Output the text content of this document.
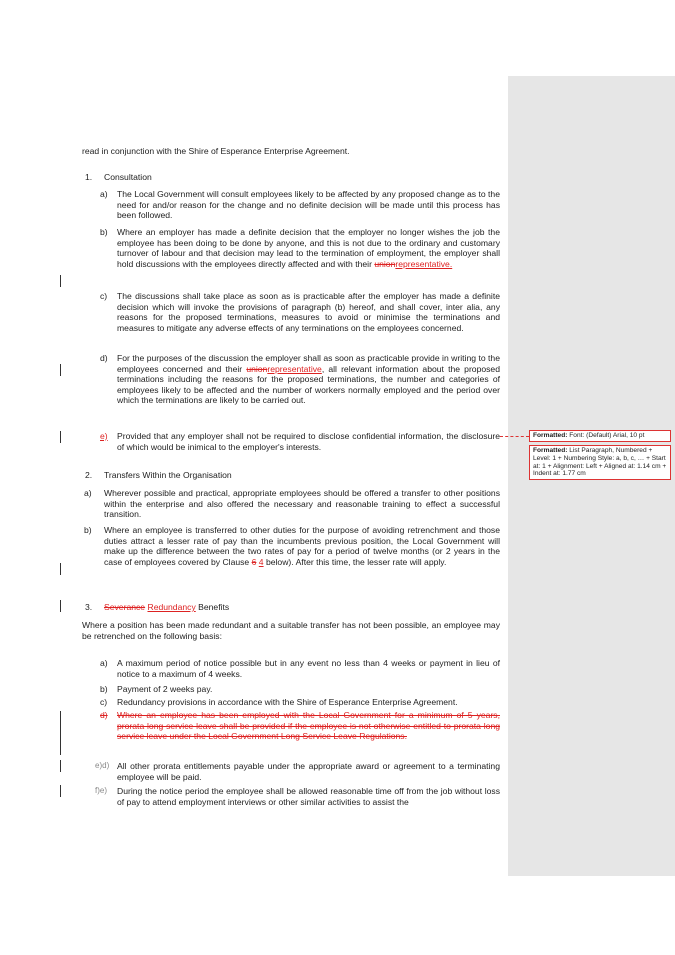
read in conjunction with the Shire of Esperance Enterprise Agreement.
1. Consultation
a) The Local Government will consult employees likely to be affected by any proposed change as to the need for and/or reason for the change and no definite decision will be made until this process has been followed.
b) Where an employer has made a definite decision that the employer no longer wishes the job the employee has been doing to be done by anyone, and this is not due to the ordinary and customary turnover of labour and that decision may lead to the termination of employment, the employer shall hold discussions with the employees directly affected and with their unionrepresentative.
c) The discussions shall take place as soon as is practicable after the employer has made a definite decision which will invoke the provisions of paragraph (b) hereof, and shall cover, inter alia, any reasons for the proposed terminations, measures to avoid or minimise the terminations and measures to mitigate any adverse effects of any terminations on the employees concerned.
d) For the purposes of the discussion the employer shall as soon as practicable provide in writing to the employees concerned and their unionrepresentative, all relevant information about the proposed terminations including the reasons for the proposed terminations, the number and categories of employees likely to be affected and the number of workers normally employed and the period over which the terminations are likely to be carried out.
e) Provided that any employer shall not be required to disclose confidential information, the disclosure of which would be inimical to the employer's interests.
2. Transfers Within the Organisation
a) Wherever possible and practical, appropriate employees should be offered a transfer to other positions within the enterprise and also offered the necessary and reasonable training to effect a successful transition.
b) Where an employee is transferred to other duties for the purpose of avoiding retrenchment and those duties attract a lesser rate of pay than the incumbents previous position, the Local Government will make up the difference between the two rates of pay for a period of twelve months (or 2 years in the case of employees covered by Clause 6 4 below). After this time, the lesser rate will apply.
3. Severance Redundancy Benefits
Where a position has been made redundant and a suitable transfer has not been possible, an employee may be retrenched on the following basis:
a) A maximum period of notice possible but in any event no less than 4 weeks or payment in lieu of notice to a maximum of 4 weeks.
b) Payment of 2 weeks pay.
c) Redundancy provisions in accordance with the Shire of Esperance Enterprise Agreement.
d) Where an employee has been employed with the Local Government for a minimum of 5 years, prorata long service leave shall be provided if the employee is not otherwise entitled to prorata long service leave under the Local Government Long Service Leave Regulations.
e)d) All other prorata entitlements payable under the appropriate award or agreement to a terminating employee will be paid.
f)e) During the notice period the employee shall be allowed reasonable time off from the job without loss of pay to attend employment interviews or other similar activities to assist the
Formatted: Font: (Default) Arial, 10 pt
Formatted: List Paragraph, Numbered + Level: 1 + Numbering Style: a, b, c, … + Start at: 1 + Alignment: Left + Aligned at: 1.14 cm + Indent at: 1.77 cm
